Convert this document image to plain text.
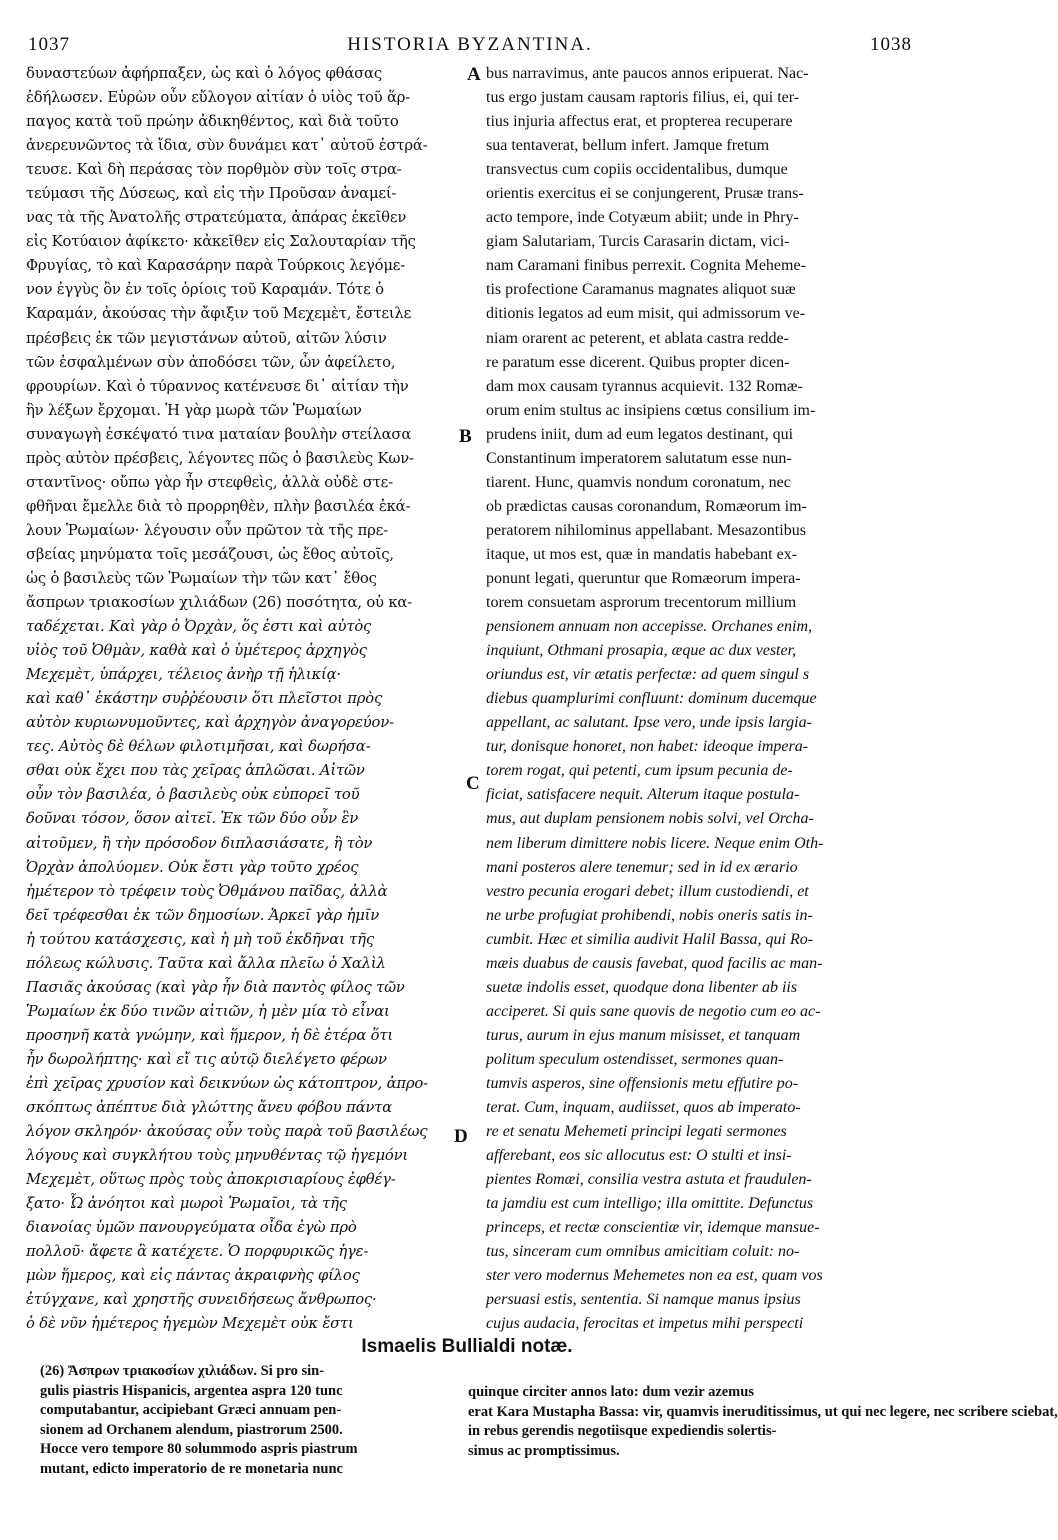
1037	HISTORIA BYZANTINA.	1038
A
B
C
D
δυναστεύων ἀφήρπαξεν, ὡς καὶ ὁ λόγος φθάσας
ἐδήλωσεν. Εὑρὼν οὖν εὔλογον αἰτίαν ὁ υἱὸς τοῦ ἅρ-
παγος κατὰ τοῦ πρώην ἀδικηθέντος, καὶ διὰ τοῦτο
ἀνερευνῶντος τὰ ἴδια, σὺν δυνάμει κατ᾿ αὐτοῦ ἐστρά-
τευσε. Καὶ δὴ περάσας τὸν πορθμὸν σὺν τοῖς στρα-
τεύμασι τῆς Δύσεως, καὶ εἰς τὴν Προῦσαν ἀναμεί-
νας τὰ τῆς Ἀνατολῆς στρατεύματα, ἀπάρας ἐκεῖθεν
εἰς Κοτύαιον ἀφίκετο· κἀκεῖθεν εἰς Σαλουταρίαν τῆς
Φρυγίας, τὸ καὶ Καρασάρην παρὰ Τούρκοις λεγόμε-
νον ἐγγὺς ὂν ἐν τοῖς ὁρίοις τοῦ Καραμάν. Τότε ὁ
Καραμάν, ἀκούσας τὴν ἄφιξιν τοῦ Μεχεμὲτ, ἔστειλε
πρέσβεις ἐκ τῶν μεγιστάνων αὐτοῦ, αἰτῶν λύσιν
τῶν ἐσφαλμένων σὺν ἀποδόσει τῶν, ὧν ἀφείλετο,
φρουρίων. Καὶ ὁ τύραννος κατένευσε δι᾿ αἰτίαν τὴν
ἣν λέξων ἔρχομαι. Ἡ γὰρ μωρὰ τῶν Ῥωμαίων
συναγωγὴ ἐσκέψατό τινα ματαίαν βουλὴν στείλασα
πρὸς αὐτὸν πρέσβεις, λέγοντες πῶς ὁ βασιλεὺς Κων-
σταντῖνος· οὔπω γὰρ ἦν στεφθεὶς, ἀλλὰ οὐδὲ στε-
φθῆναι ἔμελλε διὰ τὸ προρρηθὲν, πλὴν βασιλέα ἐκά-
λουν Ῥωμαίων· λέγουσιν οὖν πρῶτον τὰ τῆς πρε-
σβείας μηνύματα τοῖς μεσάζουσι, ὡς ἔθος αὐτοῖς,
ὡς ὁ βασιλεὺς τῶν Ῥωμαίων τὴν τῶν κατ᾿ ἔθος
ἄσπρων τριακοσίων χιλιάδων (26) ποσότητα, οὐ κα-
ταδέχεται. Καὶ γὰρ ὁ Ὀρχὰν, ὅς ἐστι καὶ αὐτὸς
υἱὸς τοῦ Ὀθμὰν, καθὰ καὶ ὁ ὑμέτερος ἀρχηγὸς
Μεχεμὲτ, ὑπάρχει, τέλειος ἀνὴρ τῇ ἡλικίᾳ·
καὶ καθ᾿ ἑκάστην συῤῥέουσιν ὅτι πλεῖστοι πρὸς
αὐτὸν κυριωνυμοῦντες, καὶ ἀρχηγὸν ἀναγορεύον-
τες. Αὐτὸς δὲ θέλων φιλοτιμῆσαι, καὶ δωρήσα-
σθαι οὐκ ἔχει που τὰς χεῖρας ἁπλῶσαι. Αἰτῶν
οὖν τὸν βασιλέα, ὁ βασιλεὺς οὐκ εὐπορεῖ τοῦ
δοῦναι τόσον, ὅσον αἰτεῖ. Ἐκ τῶν δύο οὖν ἓν
αἰτοῦμεν, ἢ τὴν πρόσοδον διπλασιάσατε, ἢ τὸν
Ὀρχὰν ἀπολύομεν. Οὐκ ἔστι γὰρ τοῦτο χρέος
ἡμέτερον τὸ τρέφειν τοὺς Ὀθμάνου παῖδας, ἀλλὰ
δεῖ τρέφεσθαι ἐκ τῶν δημοσίων. Ἀρκεῖ γὰρ ἡμῖν
ἡ τούτου κατάσχεσις, καὶ ἡ μὴ τοῦ ἐκδῆναι τῆς
πόλεως κώλυσις. Ταῦτα καὶ ἄλλα πλεῖω ὁ Χαλὶλ
Πασιᾶς ἀκούσας (καὶ γὰρ ἦν διὰ παντὸς φίλος τῶν
Ῥωμαίων ἐκ δύο τινῶν αἰτιῶν, ἡ μὲν μία τὸ εἶναι
προσηνῆ κατὰ γνώμην, καὶ ἥμερον, ἡ δὲ ἑτέρα ὅτι
ἦν δωρολήπτης· καὶ εἴ τις αὐτῷ διελέγετο φέρων
ἐπὶ χεῖρας χρυσίον καὶ δεικνύων ὡς κάτοπτρον, ἀπρο-
σκόπτως ἀπέπτυε διὰ γλώττης ἄνευ φόβου πάντα
λόγον σκληρόν· ἀκούσας οὖν τοὺς παρὰ τοῦ βασιλέως
λόγους καὶ συγκλήτου τοὺς μηνυθέντας τῷ ἡγεμόνι
Μεχεμὲτ, οὕτως πρὸς τοὺς ἀποκρισιαρίους ἐφθέγ-
ξατο· Ὦ ἀνόητοι καὶ μωροὶ Ῥωμαῖοι, τὰ τῆς
διανοίας ὑμῶν πανουργεύματα οἶδα ἐγὼ πρὸ
πολλοῦ· ἄφετε ἃ κατέχετε. Ὁ πορφυρικῶς ἡγε-
μὼν ἥμερος, καὶ εἰς πάντας ἀκραιφνὴς φίλος
ἐτύγχανε, καὶ χρηστῆς συνειδήσεως ἄνθρωπος·
ὁ δὲ νῦν ἡμέτερος ἡγεμὼν Μεχεμὲτ οὐκ ἔστι
bus narravimus, ante paucos annos eripuerat. Nac-
tus ergo justam causam raptoris filius, ei, qui ter-
tius injuria affectus erat, et propterea recuperare
sua tentaverat, bellum infert. Jamque fretum
transvectus cum copiis occidentalibus, dumque
orientis exercitus ei se conjungerent, Prusæ trans-
acto tempore, inde Cotyæum abiit; unde in Phry-
giam Salutariam, Turcis Carasarin dictam, vici-
nam Caramani finibus perrexit. Cognita Meheme-
tis profectione Caramanus magnates aliquot suæ
ditionis legatos ad eum misit, qui admissorum ve-
niam orarent ac peterent, et ablata castra redde-
re paratum esse dicerent. Quibus propter dicen-
dam mox causam tyrannus acquievit. 132 Romæ-
orum enim stultus ac insipiens cœtus consilium im-
prudens iniit, dum ad eum legatos destinant, qui
Constantinum imperatorem salutatum esse nun-
tiarent. Hunc, quamvis nondum coronatum, nec
ob prædictas causas coronandum, Romæorum im-
peratorem nihilominus appellabant. Mesazontibus
itaque, ut mos est, quæ in mandatis habebant ex-
ponunt legati, queruntur que Romæorum impera-
torem consuetam asprorum trecentorum millium
pensionem annuam non accepisse. Orchanes enim,
inquiunt, Othmani prosapia, æque ac dux vester,
oriundus est, vir ætatis perfectæ: ad quem singul s
diebus quamplurimi confluunt: dominum ducemque
appellant, ac salutant. Ipse vero, unde ipsis largia-
tur, donisque honoret, non habet: ideoque impera-
torem rogat, qui petenti, cum ipsum pecunia de-
ficiat, satisfacere nequit. Alterum itaque postula-
mus, aut duplam pensionem nobis solvi, vel Orcha-
nem liberum dimittere nobis licere. Neque enim Oth-
mani posteros alere tenemur; sed in id ex ærario
vestro pecunia erogari debet; illum custodiendi, et
ne urbe profugiat prohibendi, nobis oneris satis in-
cumbit. Hæc et similia audivit Halil Bassa, qui Ro-
mæis duabus de causis favebat, quod facilis ac man-
suetæ indolis esset, quodque dona libenter ab iis
acciperet. Si quis sane quovis de negotio cum eo ac-
turus, aurum in ejus manum misisset, et tanquam
politum speculum ostendisset, sermones quan-
tumvis asperos, sine offensionis metu effutire po-
terat. Cum, inquam, audiisset, quos ab imperato-
re et senatu Mehemeti principi legati sermones
afferebant, eos sic allocutus est: O stulti et insi-
pientes Romæi, consilia vestra astuta et fraudulen-
ta jamdiu est cum intelligo; illa omittite. Defunctus
princeps, et rectæ conscientiæ vir, idemque mansue-
tus, sinceram cum omnibus amicitiam coluit: no-
ster vero modernus Mehemetes non ea est, quam vos
persuasi estis, sententia. Si namque manus ipsius
cujus audacia, ferocitas et impetus mihi perspecti
Ismaelis Bullialdi notæ.
(26) Ἄσπρων τριακοσίων χιλιάδων. Si pro sin-
gulis piastris Hispanicis, argentea aspra 120 tunc
computabantur, accipiebant Græci annuam pen-
sionem ad Orchanem alendum, piastrorum 2500.
Hocce vero tempore 80 solummodo aspris piastrum
mutant, edicto imperatorio de re monetaria nunc
quinque circiter annos lato: dum vezir azemus
erat Kara Mustapha Bassa: vir, quamvis ineruditissimus, ut qui nec legere, nec scribere sciebat,
in rebus gerendis negotiisque expediendis solertis-
simus ac promptissimus.
